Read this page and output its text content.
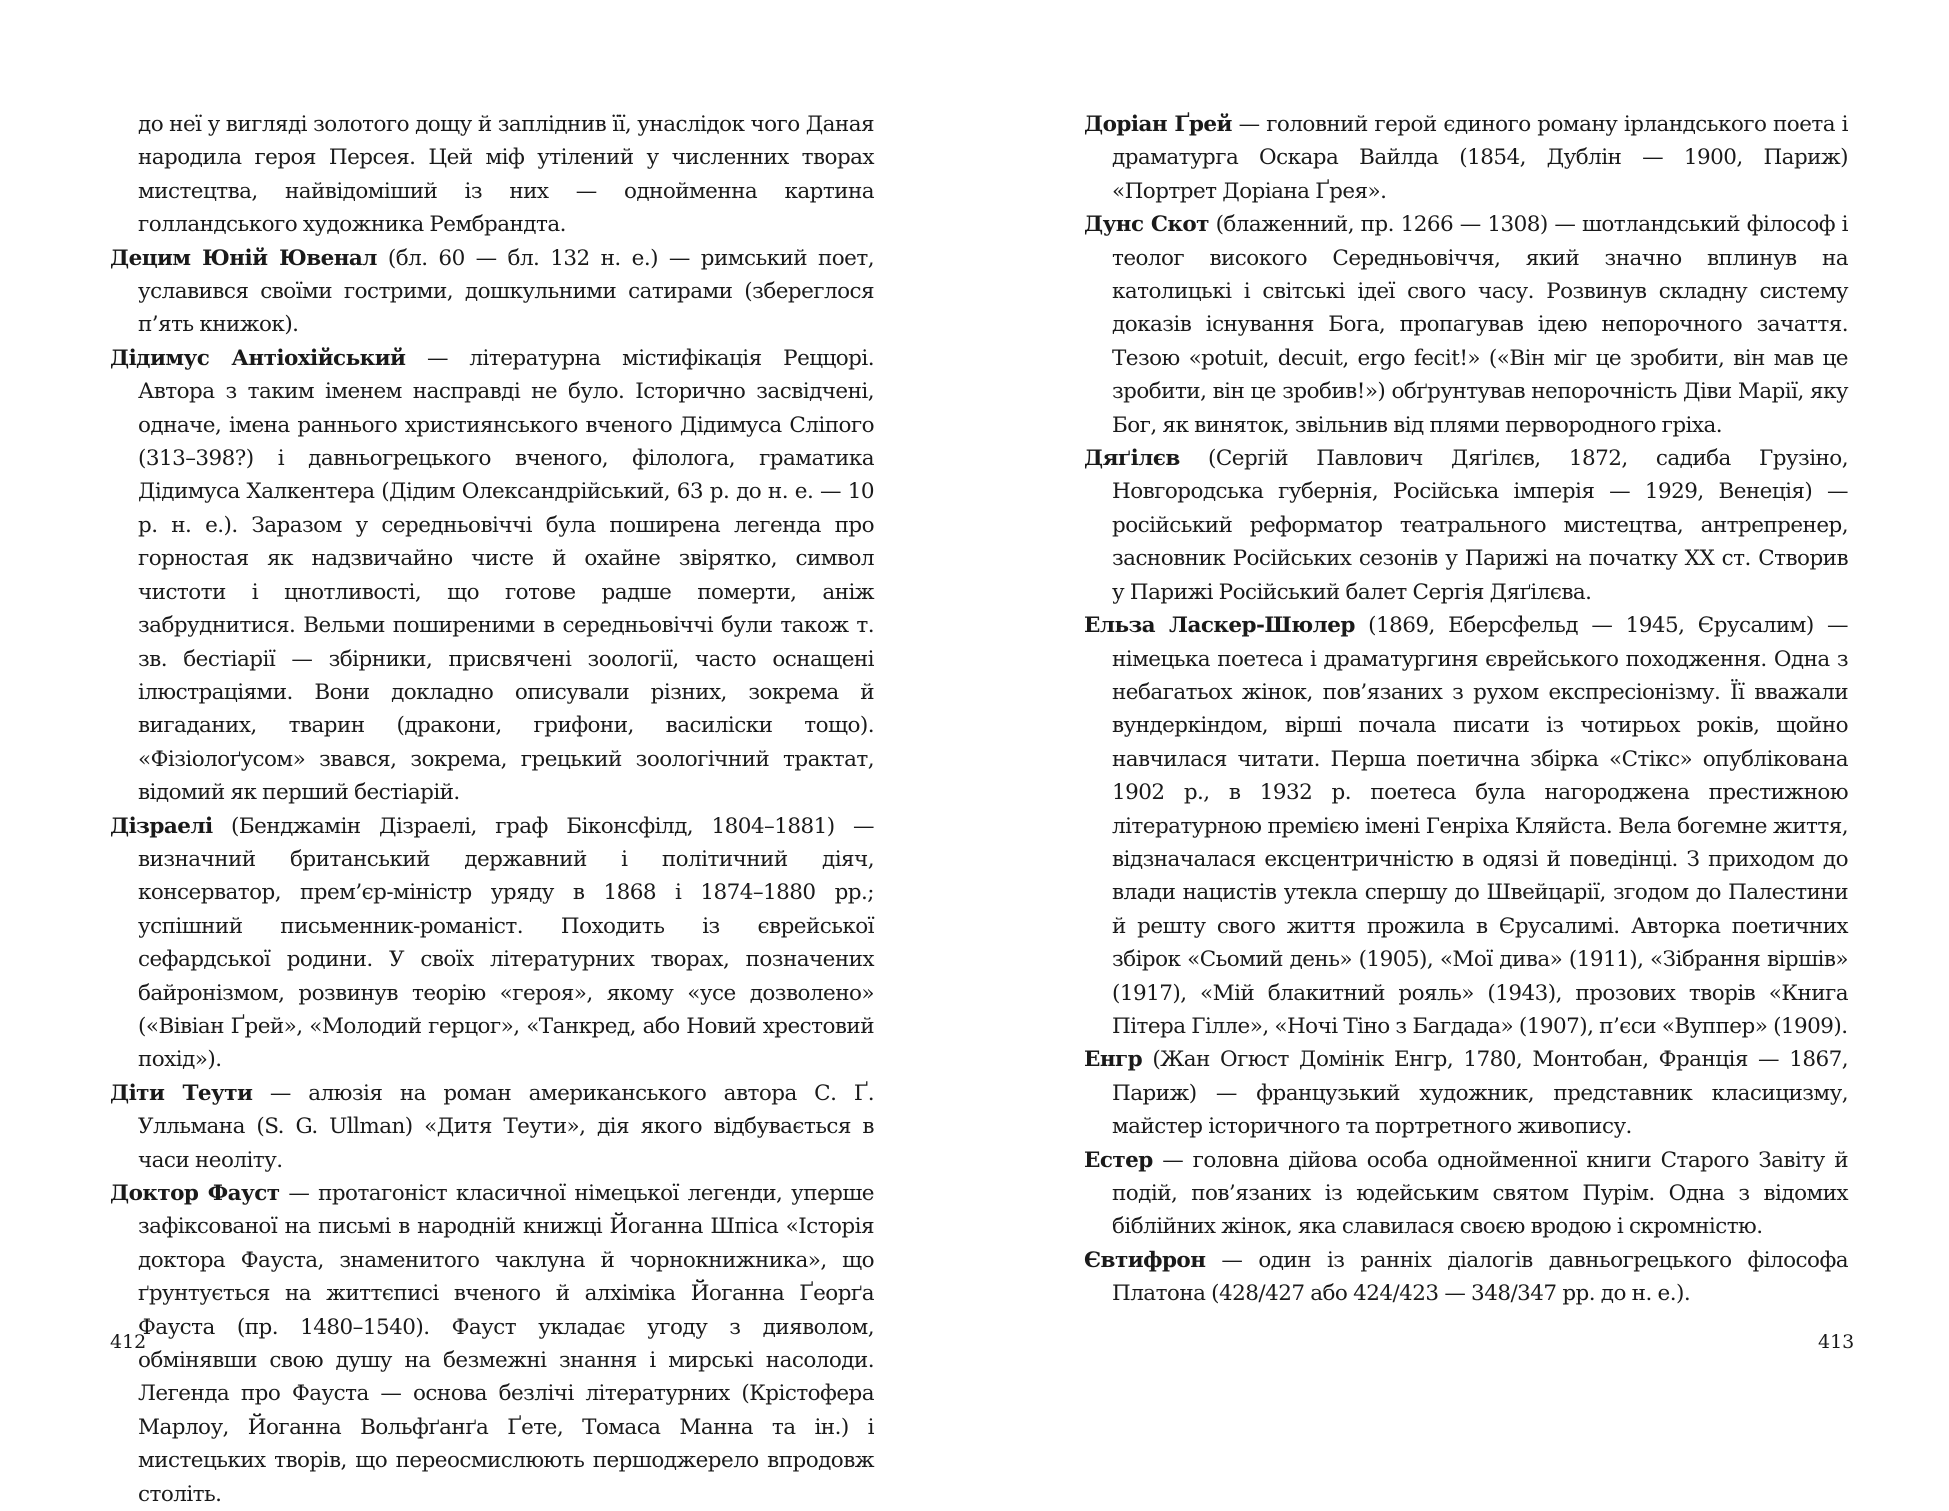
до неї у вигляді золотого дощу й запліднив її, унаслідок чого Даная народила героя Персея. Цей міф утілений у численних творах мистецтва, найвідоміший із них — однойменна картина голландського художника Рембрандта.

Децим Юній Ювенал (бл. 60 — бл. 132 н. е.) — римський поет, уславився своїми гострими, дошкульними сатирами (збереглося п’ять книжок).

Дідимус Антіохійський — літературна містифікація Реццорі. Автора з таким іменем насправді не було. Історично засвідчені, одначе, імена раннього християнського вченого Дідимуса Сліпого (313–398?) і давньогрецького вченого, філолога, граматика Дідимуса Халкентера (Дідим Олександрійський, 63 р. до н. е. — 10 р. н. е.). Заразом у середньовіччі була поширена легенда про горностая як надзвичайно чисте й охайне звірятко, символ чистоти і цнотливості, що готове радше померти, аніж забруднитися. Вельми поширеними в середньовіччі були також т. зв. бестіарії — збірники, присвячені зоології, часто оснащені ілюстраціями. Вони докладно описували різних, зокрема й вигаданих, тварин (дракони, грифони, василіски тощо). «Фізіолоґусом» звався, зокрема, грецький зоологічний трактат, відомий як перший бестіарій.

Дізраелі (Бенджамін Дізраелі, граф Біконсфілд, 1804–1881) — визначний британський державний і політичний діяч, консерватор, прем’єр-міністр уряду в 1868 і 1874–1880 рр.; успішний письменник-романіст. Походить із єврейської сефардської родини. У своїх літературних творах, позначених байронізмом, розвинув теорію «героя», якому «усе дозволено» («Вівіан Ґрей», «Молодий герцог», «Танкред, або Новий хрестовий похід»).

Діти Теути — алюзія на роман американського автора С. Ґ. Улльмана (S. G. Ullman) «Дитя Теути», дія якого відбувається в часи неоліту.

Доктор Фауст — протагоніст класичної німецької легенди, уперше зафіксованої на письмі в народній книжці Йоганна Шпіса «Історія доктора Фауста, знаменитого чаклуна й чорнокнижника», що ґрунтується на життєписі вченого й алхіміка Йоганна Ґеорґа Фауста (пр. 1480–1540). Фауст укладає угоду з дияволом, обмінявши свою душу на безмежні знання і мирські насолоди. Легенда про Фауста — основа безлічі літературних (Крістофера Марлоу, Йоганна Вольфґанґа Ґете, Томаса Манна та ін.) і мистецьких творів, що переосмислюють першоджерело впродовж століть.

Доріан Ґрей — головний герой єдиного роману ірландського поета і драматурга Оскара Вайлда (1854, Дублін — 1900, Париж) «Портрет Доріана Ґрея».

Дунс Скот (блаженний, пр. 1266 — 1308) — шотландський філософ і теолог високого Середньовіччя, який значно вплинув на католицькі і світські ідеї свого часу. Розвинув складну систему доказів існування Бога, пропагував ідею непорочного зачаття. Тезою «potuit, decuit, ergo fecit!» («Він міг це зробити, він мав це зробити, він це зробив!») обґрунтував непорочність Діви Марії, яку Бог, як виняток, звільнив від плями первородного гріха.

Дяґілєв (Сергій Павлович Дяґілєв, 1872, садиба Грузіно, Новгородська губернія, Російська імперія — 1929, Венеція) — російський реформатор театрального мистецтва, антрепренер, засновник Російських сезонів у Парижі на початку XX ст. Створив у Парижі Російський балет Сергія Дяґілєва.

Ельза Ласкер-Шюлер (1869, Еберсфельд — 1945, Єрусалим) — німецька поетеса і драматургиня єврейського походження. Одна з небагатьох жінок, пов’язаних з рухом експресіонізму. Її вважали вундеркіндом, вірші почала писати із чотирьох років, щойно навчилася читати. Перша поетична збірка «Стікс» опублікована 1902 р., в 1932 р. поетеса була нагороджена престижною літературною премією імені Генріха Кляйста. Вела богемне життя, відзначалася ексцентричністю в одязі й поведінці. З приходом до влади нацистів утекла спершу до Швейцарії, згодом до Палестини й решту свого життя прожила в Єрусалимі. Авторка поетичних збірок «Сьомий день» (1905), «Мої дива» (1911), «Зібрання віршів» (1917), «Мій блакитний рояль» (1943), прозових творів «Книга Пітера Гілле», «Ночі Тіно з Багдада» (1907), п’єси «Вуппер» (1909).

Енгр (Жан Огюст Домінік Енгр, 1780, Монтобан, Франція — 1867, Париж) — французький художник, представник класицизму, майстер історичного та портретного живопису.

Естер — головна дійова особа однойменної книги Старого Завіту й подій, пов’язаних із юдейським святом Пурім. Одна з відомих біблійних жінок, яка славилася своєю вродою і скромністю.

Євтифрон — один із ранніх діалогів давньогрецького філософа Платона (428/427 або 424/423 — 348/347 рр. до н. е.).

412	413
